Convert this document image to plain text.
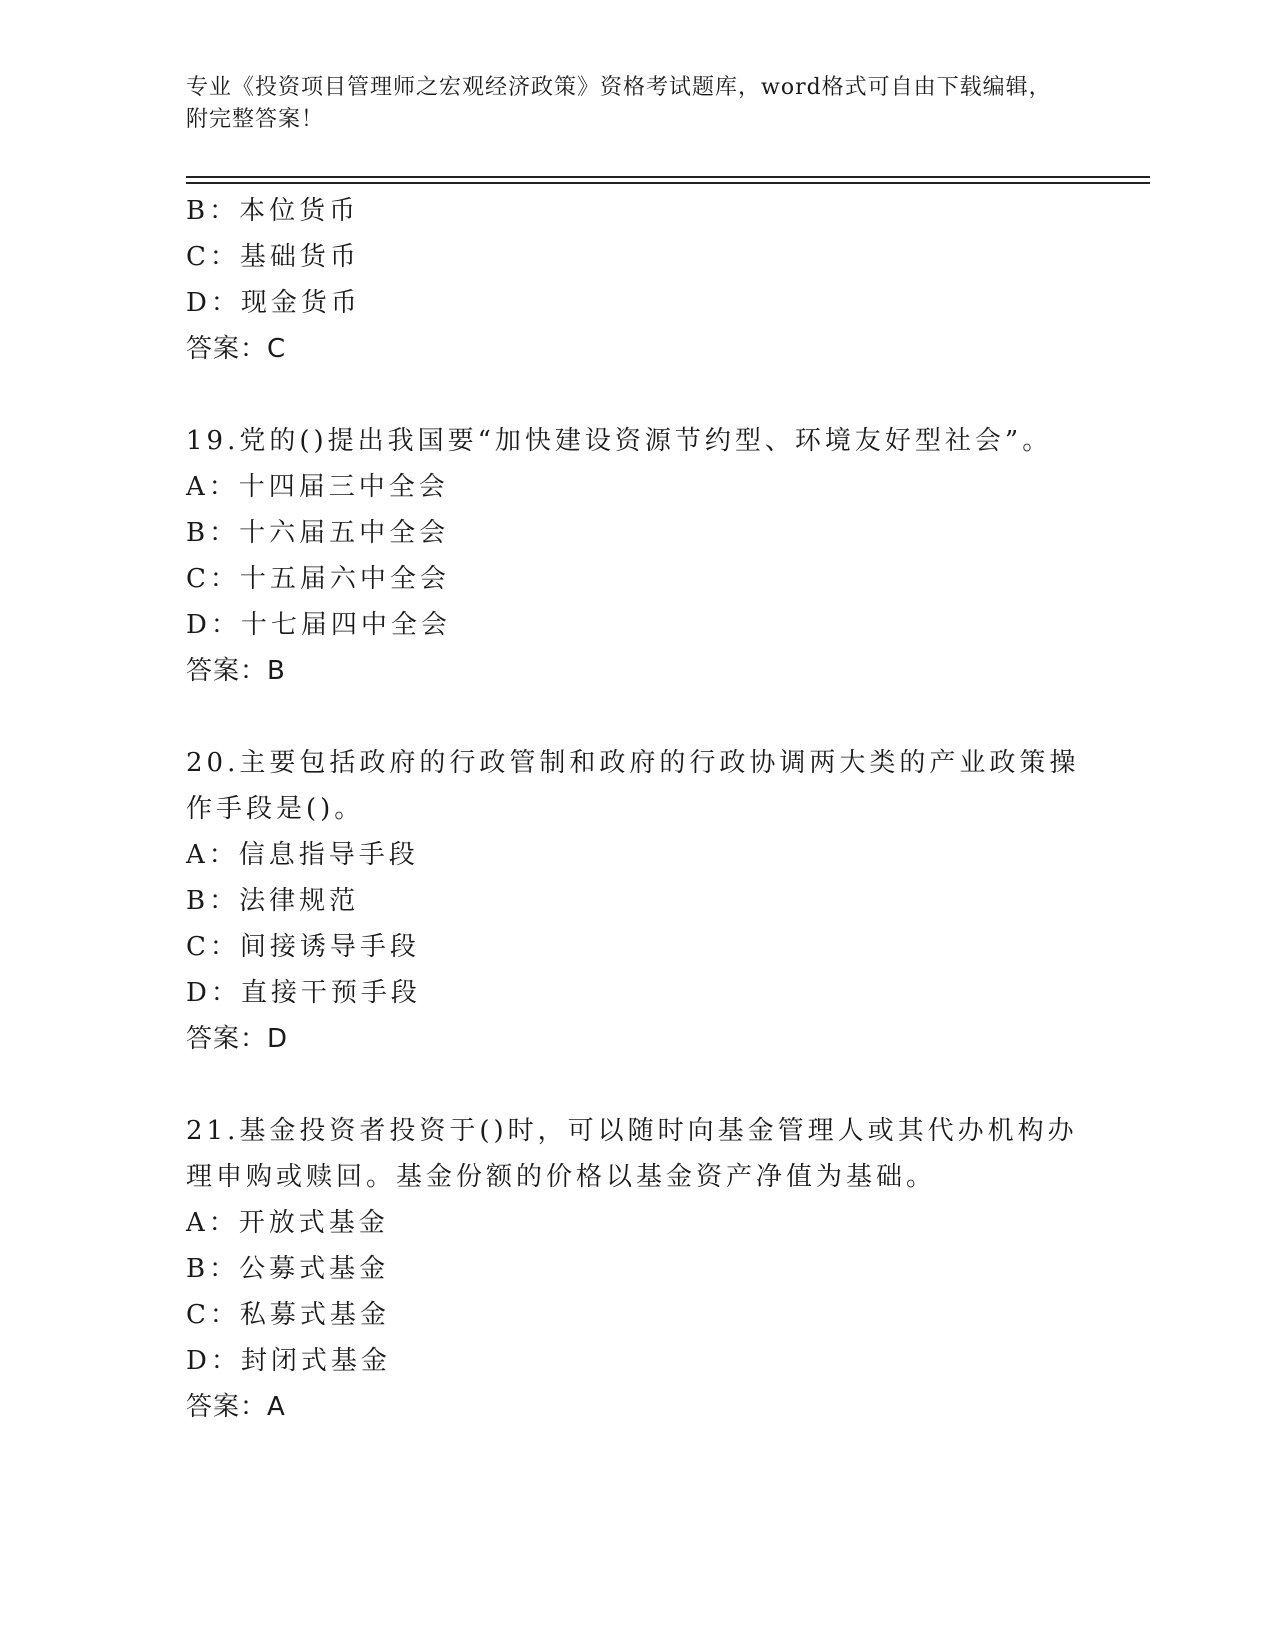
专业《投资项目管理师之宏观经济政策》资格考试题库，word格式可自由下载编辑，附完整答案！
B：本位货币
C：基础货币
D：现金货币
答案：C
19.党的()提出我国要“加快建设资源节约型、环境友好型社会”。
A：十四届三中全会
B：十六届五中全会
C：十五届六中全会
D：十七届四中全会
答案：B
20.主要包括政府的行政管制和政府的行政协调两大类的产业政策操作手段是()。
A：信息指导手段
B：法律规范
C：间接诱导手段
D：直接干预手段
答案：D
21.基金投资者投资于()时，可以随时向基金管理人或其代办机构办理申购或赎回。基金份额的价格以基金资产净值为基础。
A：开放式基金
B：公募式基金
C：私募式基金
D：封闭式基金
答案：A
